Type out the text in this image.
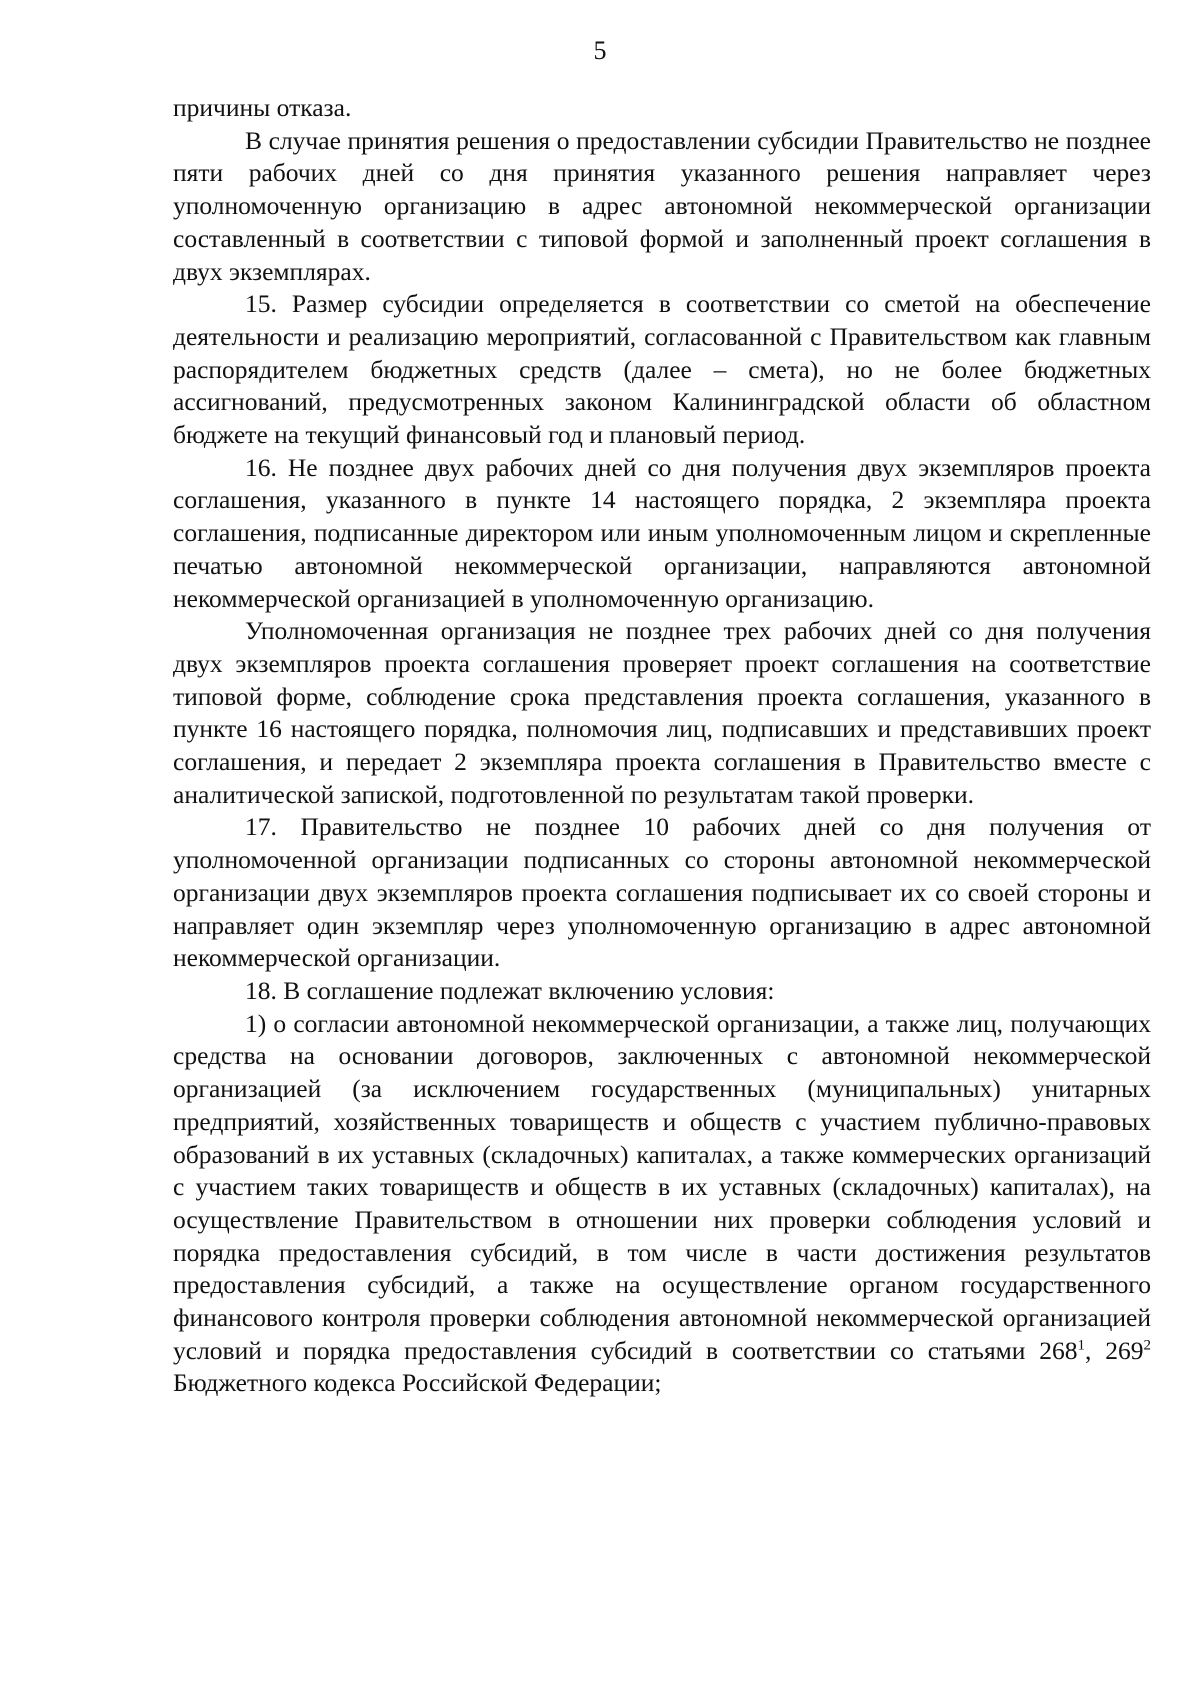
5

причины отказа.

В случае принятия решения о предоставлении субсидии Правительство не позднее пяти рабочих дней со дня принятия указанного решения направляет через уполномоченную организацию в адрес автономной некоммерческой организации составленный в соответствии с типовой формой и заполненный проект соглашения в двух экземплярах.

15. Размер субсидии определяется в соответствии со сметой на обеспечение деятельности и реализацию мероприятий, согласованной с Правительством как главным распорядителем бюджетных средств (далее – смета), но не более бюджетных ассигнований, предусмотренных законом Калининградской области об областном бюджете на текущий финансовый год и плановый период.

16. Не позднее двух рабочих дней со дня получения двух экземпляров проекта соглашения, указанного в пункте 14 настоящего порядка, 2 экземпляра проекта соглашения, подписанные директором или иным уполномоченным лицом и скрепленные печатью автономной некоммерческой организации, направляются автономной некоммерческой организацией в уполномоченную организацию.

Уполномоченная организация не позднее трех рабочих дней со дня получения двух экземпляров проекта соглашения проверяет проект соглашения на соответствие типовой форме, соблюдение срока представления проекта соглашения, указанного в пункте 16 настоящего порядка, полномочия лиц, подписавших и представивших проект соглашения, и передает 2 экземпляра проекта соглашения в Правительство вместе с аналитической запиской, подготовленной по результатам такой проверки.

17. Правительство не позднее 10 рабочих дней со дня получения от уполномоченной организации подписанных со стороны автономной некоммерческой организации двух экземпляров проекта соглашения подписывает их со своей стороны и направляет один экземпляр через уполномоченную организацию в адрес автономной некоммерческой организации.

18. В соглашение подлежат включению условия:

1) о согласии автономной некоммерческой организации, а также лиц, получающих средства на основании договоров, заключенных с автономной некоммерческой организацией (за исключением государственных (муниципальных) унитарных предприятий, хозяйственных товариществ и обществ с участием публично-правовых образований в их уставных (складочных) капиталах, а также коммерческих организаций с участием таких товариществ и обществ в их уставных (складочных) капиталах), на осуществление Правительством в отношении них проверки соблюдения условий и порядка предоставления субсидий, в том числе в части достижения результатов предоставления субсидий, а также на осуществление органом государственного финансового контроля проверки соблюдения автономной некоммерческой организацией условий и порядка предоставления субсидий в соответствии со статьями $268^1$, $269^2$ Бюджетного кодекса Российской Федерации;
